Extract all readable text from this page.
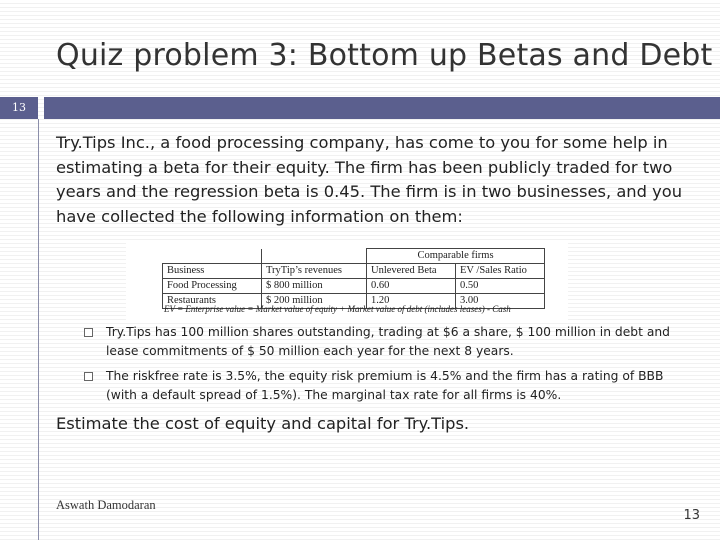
Quiz problem 3: Bottom up Betas and Debt
13
Try.Tips Inc., a food processing company, has come to you for some help in estimating a beta for their equity. The firm has been publicly traded for two years and the regression beta is 0.45. The firm is in two businesses, and you have collected the following information on them:
		Comparable firms	
Business	TryTip’s revenues	Unlevered Beta	EV /Sales Ratio
Food Processing	$ 800 million	0.60	0.50
Restaurants	$ 200 million	1.20	3.00
EV = Enterprise value = Market value of equity + Market value of debt (includes leases) - Cash
Try.Tips has 100 million shares outstanding, trading at $6 a share, $ 100 million in debt and lease commitments of $ 50 million each year for the next 8 years.
The riskfree rate is 3.5%, the equity risk premium is 4.5% and the firm has a rating of BBB (with a default spread of 1.5%). The marginal tax rate for all firms is 40%.
Estimate the cost of equity and capital for Try.Tips.
Aswath Damodaran
13
